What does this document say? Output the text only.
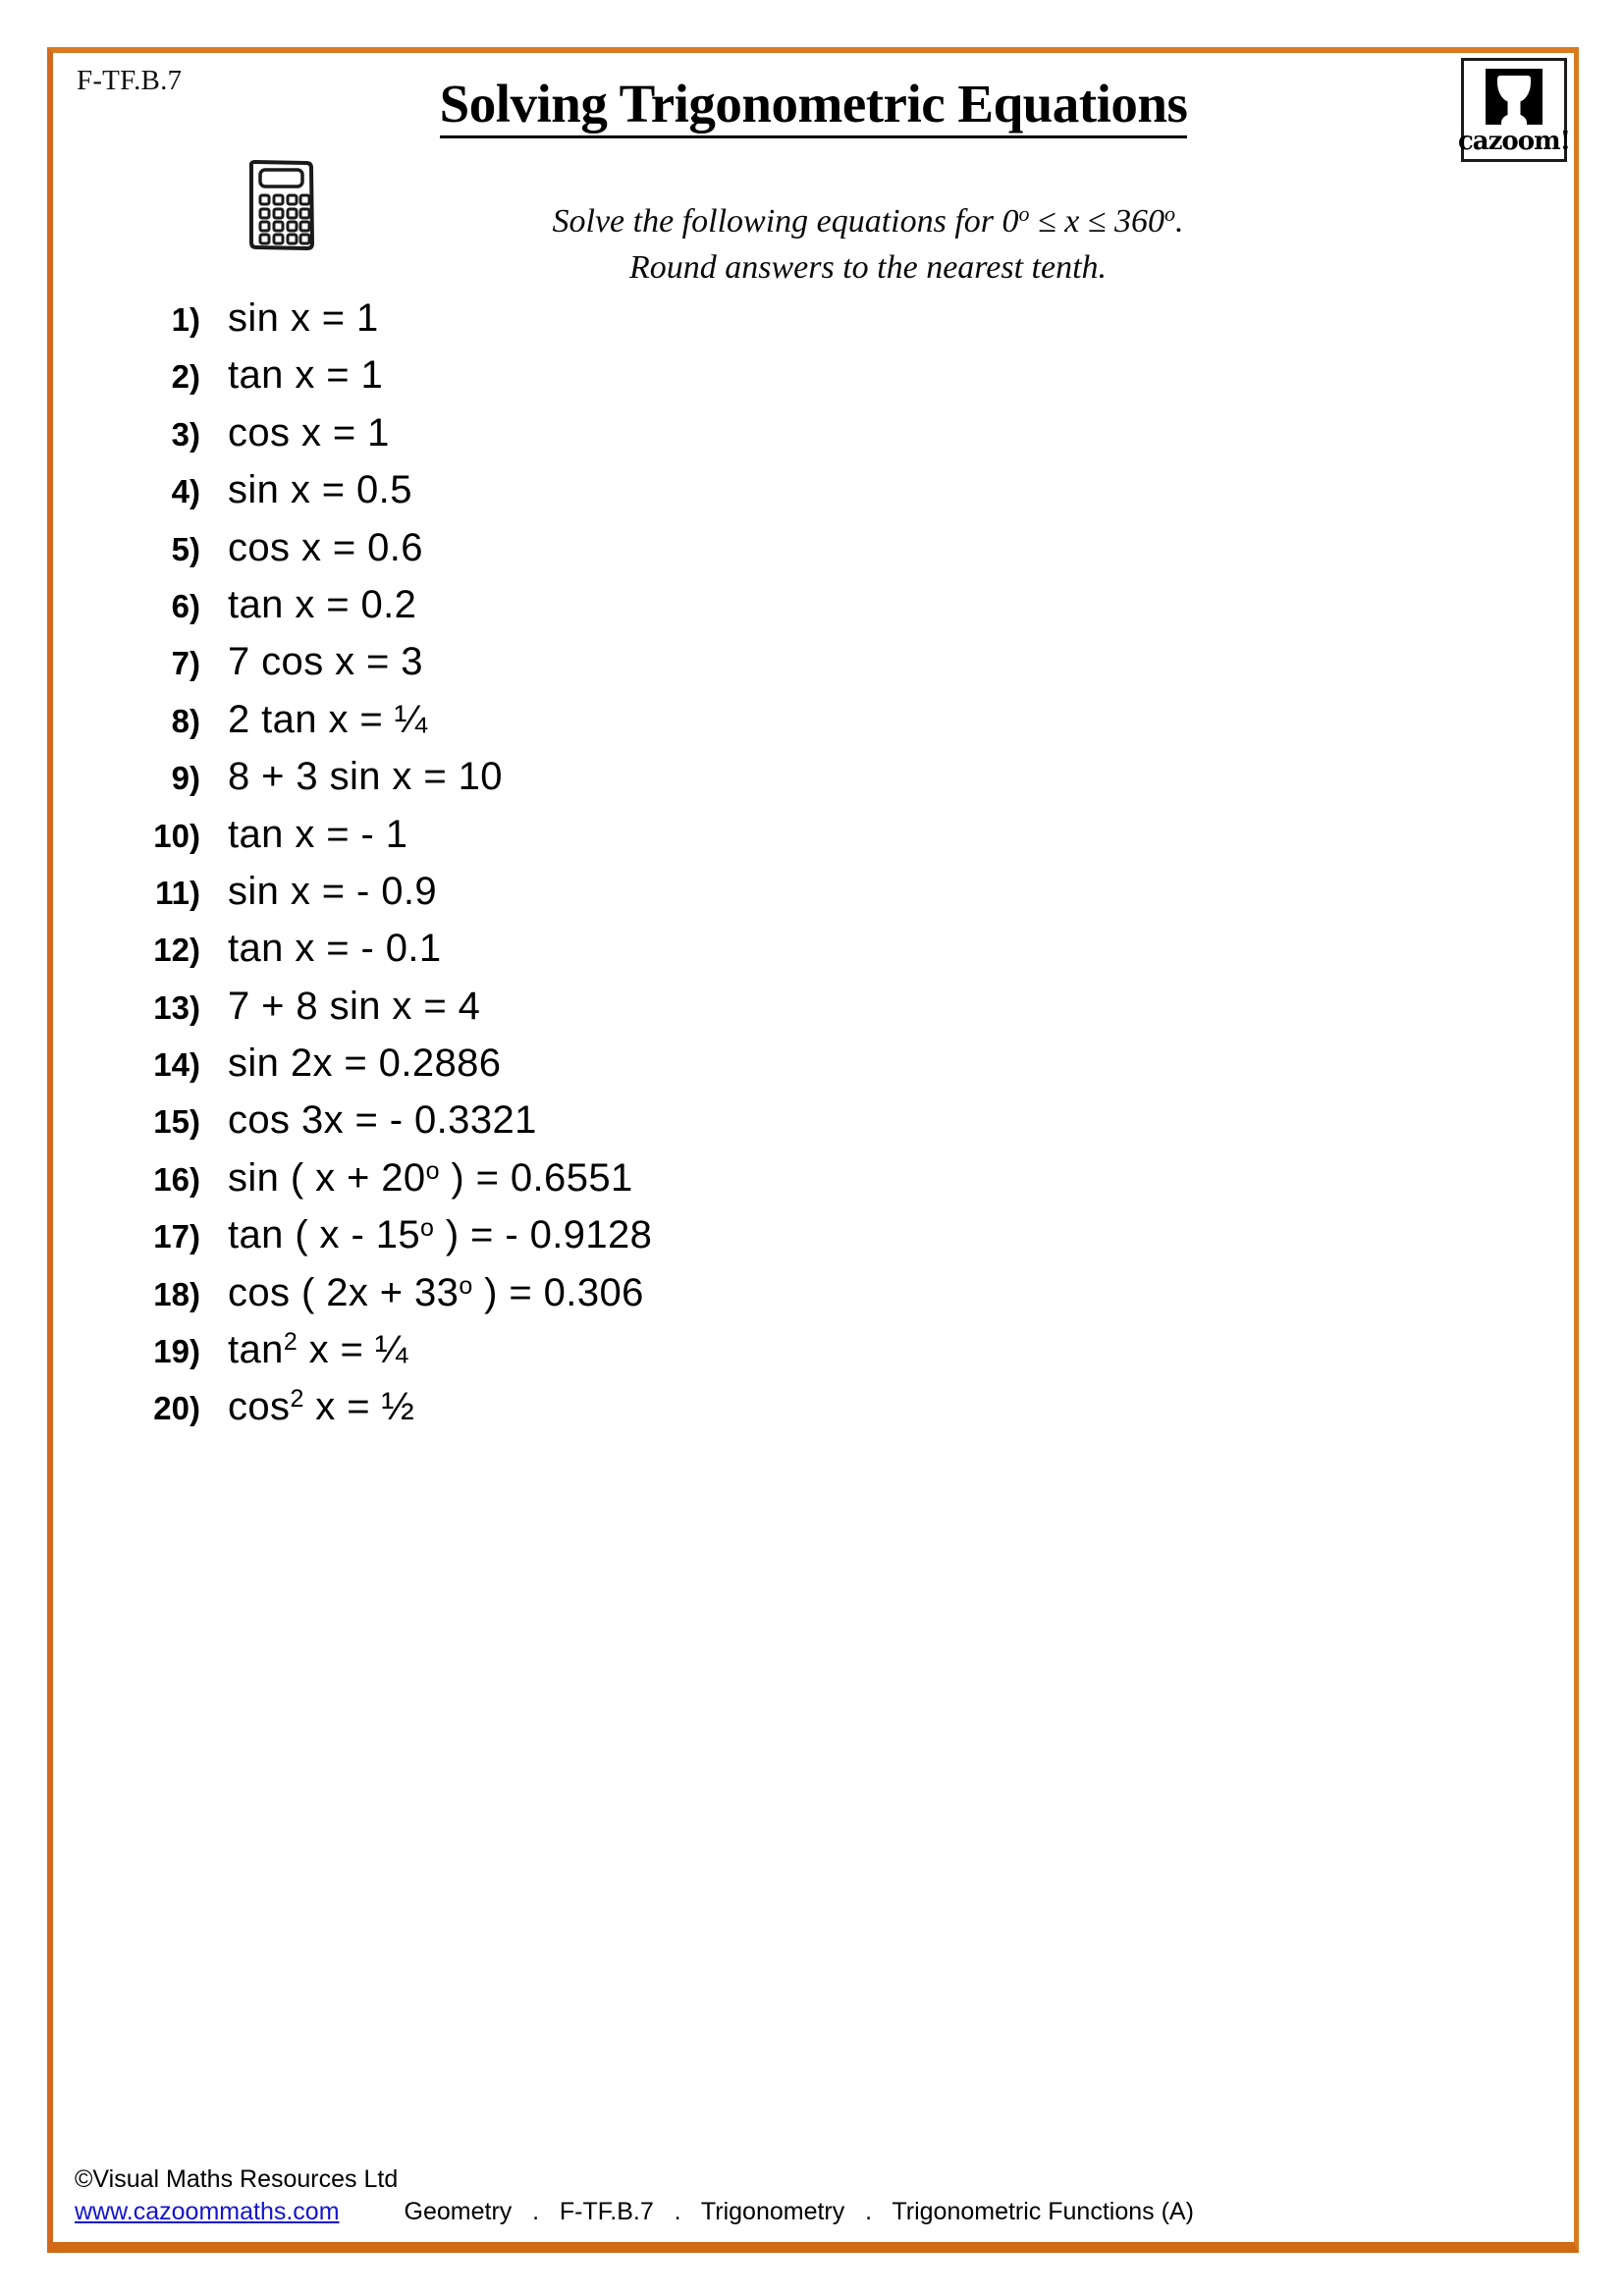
F-TF.B.7	Solving Trigonometric Equations
cazoom!
Solve the following equations for $0^o \le x \le 360^o$.
Round answers to the nearest tenth.
1) sin x = 1
2) tan x = 1
3) cos x = 1
4) sin x = 0.5
5) cos x = 0.6
6) tan x = 0.2
7) 7 cos x = 3
8) 2 tan x = ¼
9) 8 + 3 sin x = 10
10) tan x = - 1
11) sin x = - 0.9
12) tan x = - 0.1
13) 7 + 8 sin x = 4
14) sin 2x = 0.2886
15) cos 3x = - 0.3321
16) sin ( $x + 20^o$ ) = 0.6551
17) tan ( x - 15$^o$ ) = - 0.9128
18) cos ( $2x + 33^o$ ) = 0.306
19) $\tan^2 x$ = ¼
20) $\cos^2 x$ = ½
©Visual Maths Resources Ltd
www.cazoommaths.com	Geometry   .   F-TF.B.7   .   Trigonometry   .   Trigonometric Functions (A)
